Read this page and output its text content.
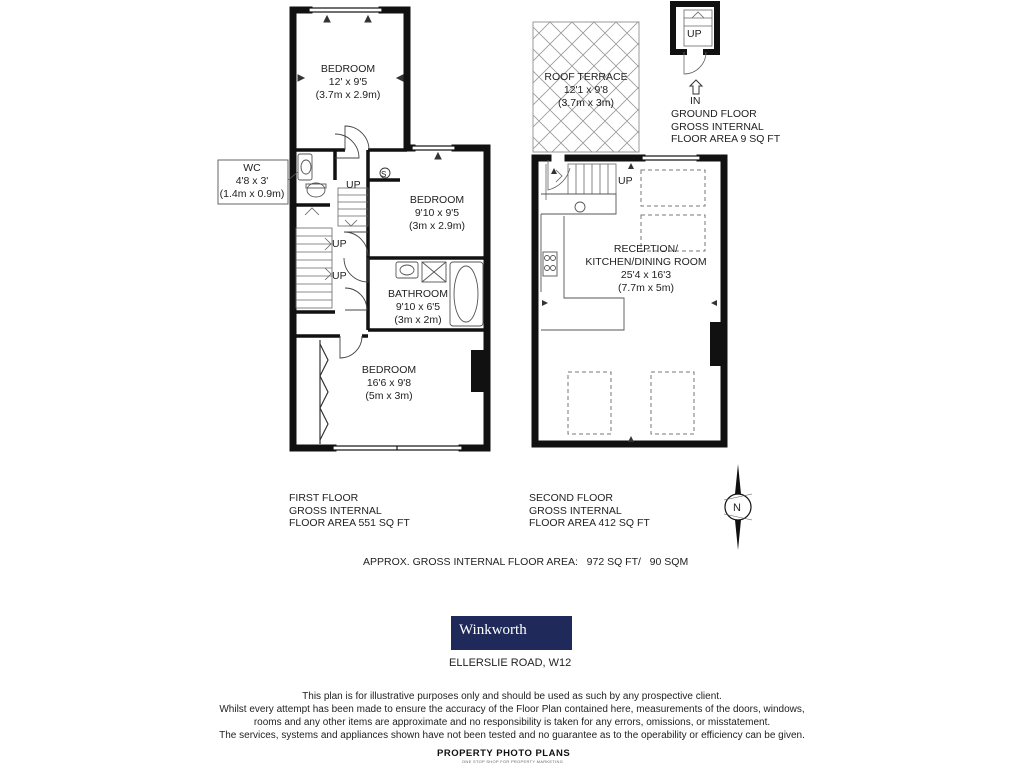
BEDROOM
12' x 9'5
(3.7m x 2.9m)
WC
4'8 x 3'
(1.4m x 0.9m)	BEDROOM
9'10 x 9'5
(3m x 2.9m)
BATHROOM
9'10 x 6'5
(3m x 2m)
BEDROOM
16'6 x 9'8
(5m x 3m)
ROOF TERRACE
12'1 x 9'8
(3.7m x 3m)
RECEPTION/
KITCHEN/DINING ROOM
25'4 x 16'3
(7.7m x 5m)
UP
UP
UP
UP
UP
IN
S
N
GROUND FLOOR
GROSS INTERNAL
FLOOR AREA 9 SQ FT
FIRST FLOOR
GROSS INTERNAL
FLOOR AREA 551 SQ FT
SECOND FLOOR
GROSS INTERNAL
FLOOR AREA 412 SQ FT
APPROX. GROSS INTERNAL FLOOR AREA:   972 SQ FT/   90 SQM
Winkworth
ELLERSLIE ROAD, W12
This plan is for illustrative purposes only and should be used as such by any prospective client.
Whilst every attempt has been made to ensure the accuracy of the Floor Plan contained here, measurements of the doors, windows,
rooms and any other items are approximate and no responsibility is taken for any errors, omissions, or misstatement.
The services, systems and appliances shown have not been tested and no guarantee as to the operability or efficiency can be given.
PROPERTY PHOTO PLANS
ONE STOP SHOP FOR PROPERTY MARKETING
